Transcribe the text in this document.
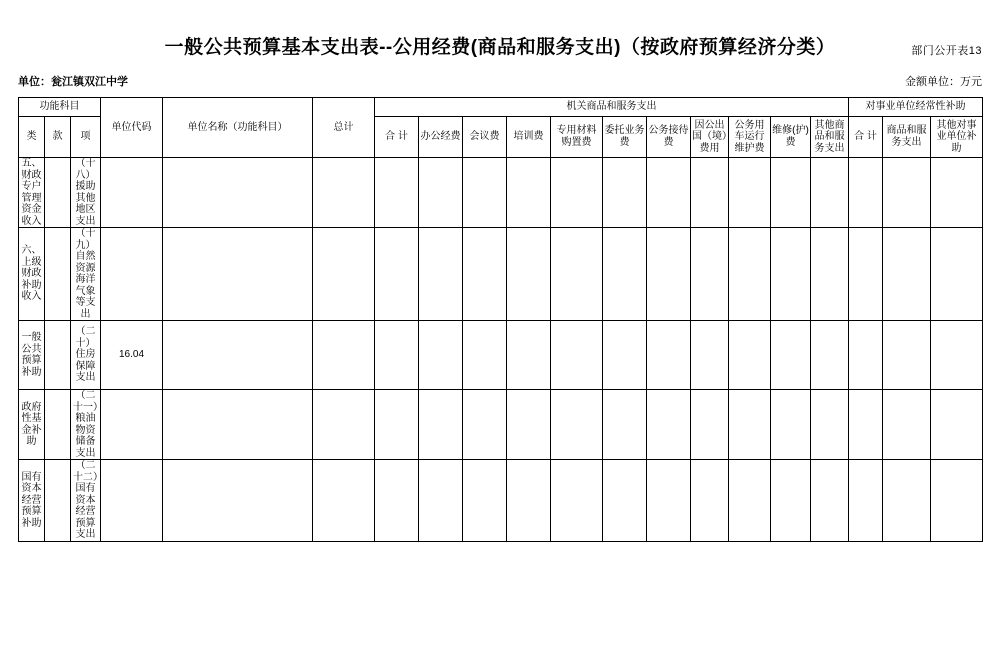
部门公开表13
一般公共预算基本支出表--公用经费(商品和服务支出)（按政府预算经济分类）
单位：瓮江镇双江中学	金额单位：万元
功能科目			单位代码	单位名称（功能科目）	总计	机关商品和服务支出											对事业单位经常性补助		
类	款	项				合 计	办公经费	会议费	培训费	专用材料购置费	委托业务费	公务接待费	因公出国（境）费用	公务用车运行维护费	维修(护)费	其他商品和服务支出	合 计	商品和服务支出	其他对事业单位补助
五、财政专户管理资金收入		（十八）援助其他地区支出																	
六、上级财政补助收入		（十九）自然资源海洋气象等支出																	
一般公共预算补助		（二十）住房保障支出	16.04																
政府性基金补助		（二十一）粮油物资储备支出																	
国有资本经营预算补助		（二十二）国有资本经营预算支出																	
